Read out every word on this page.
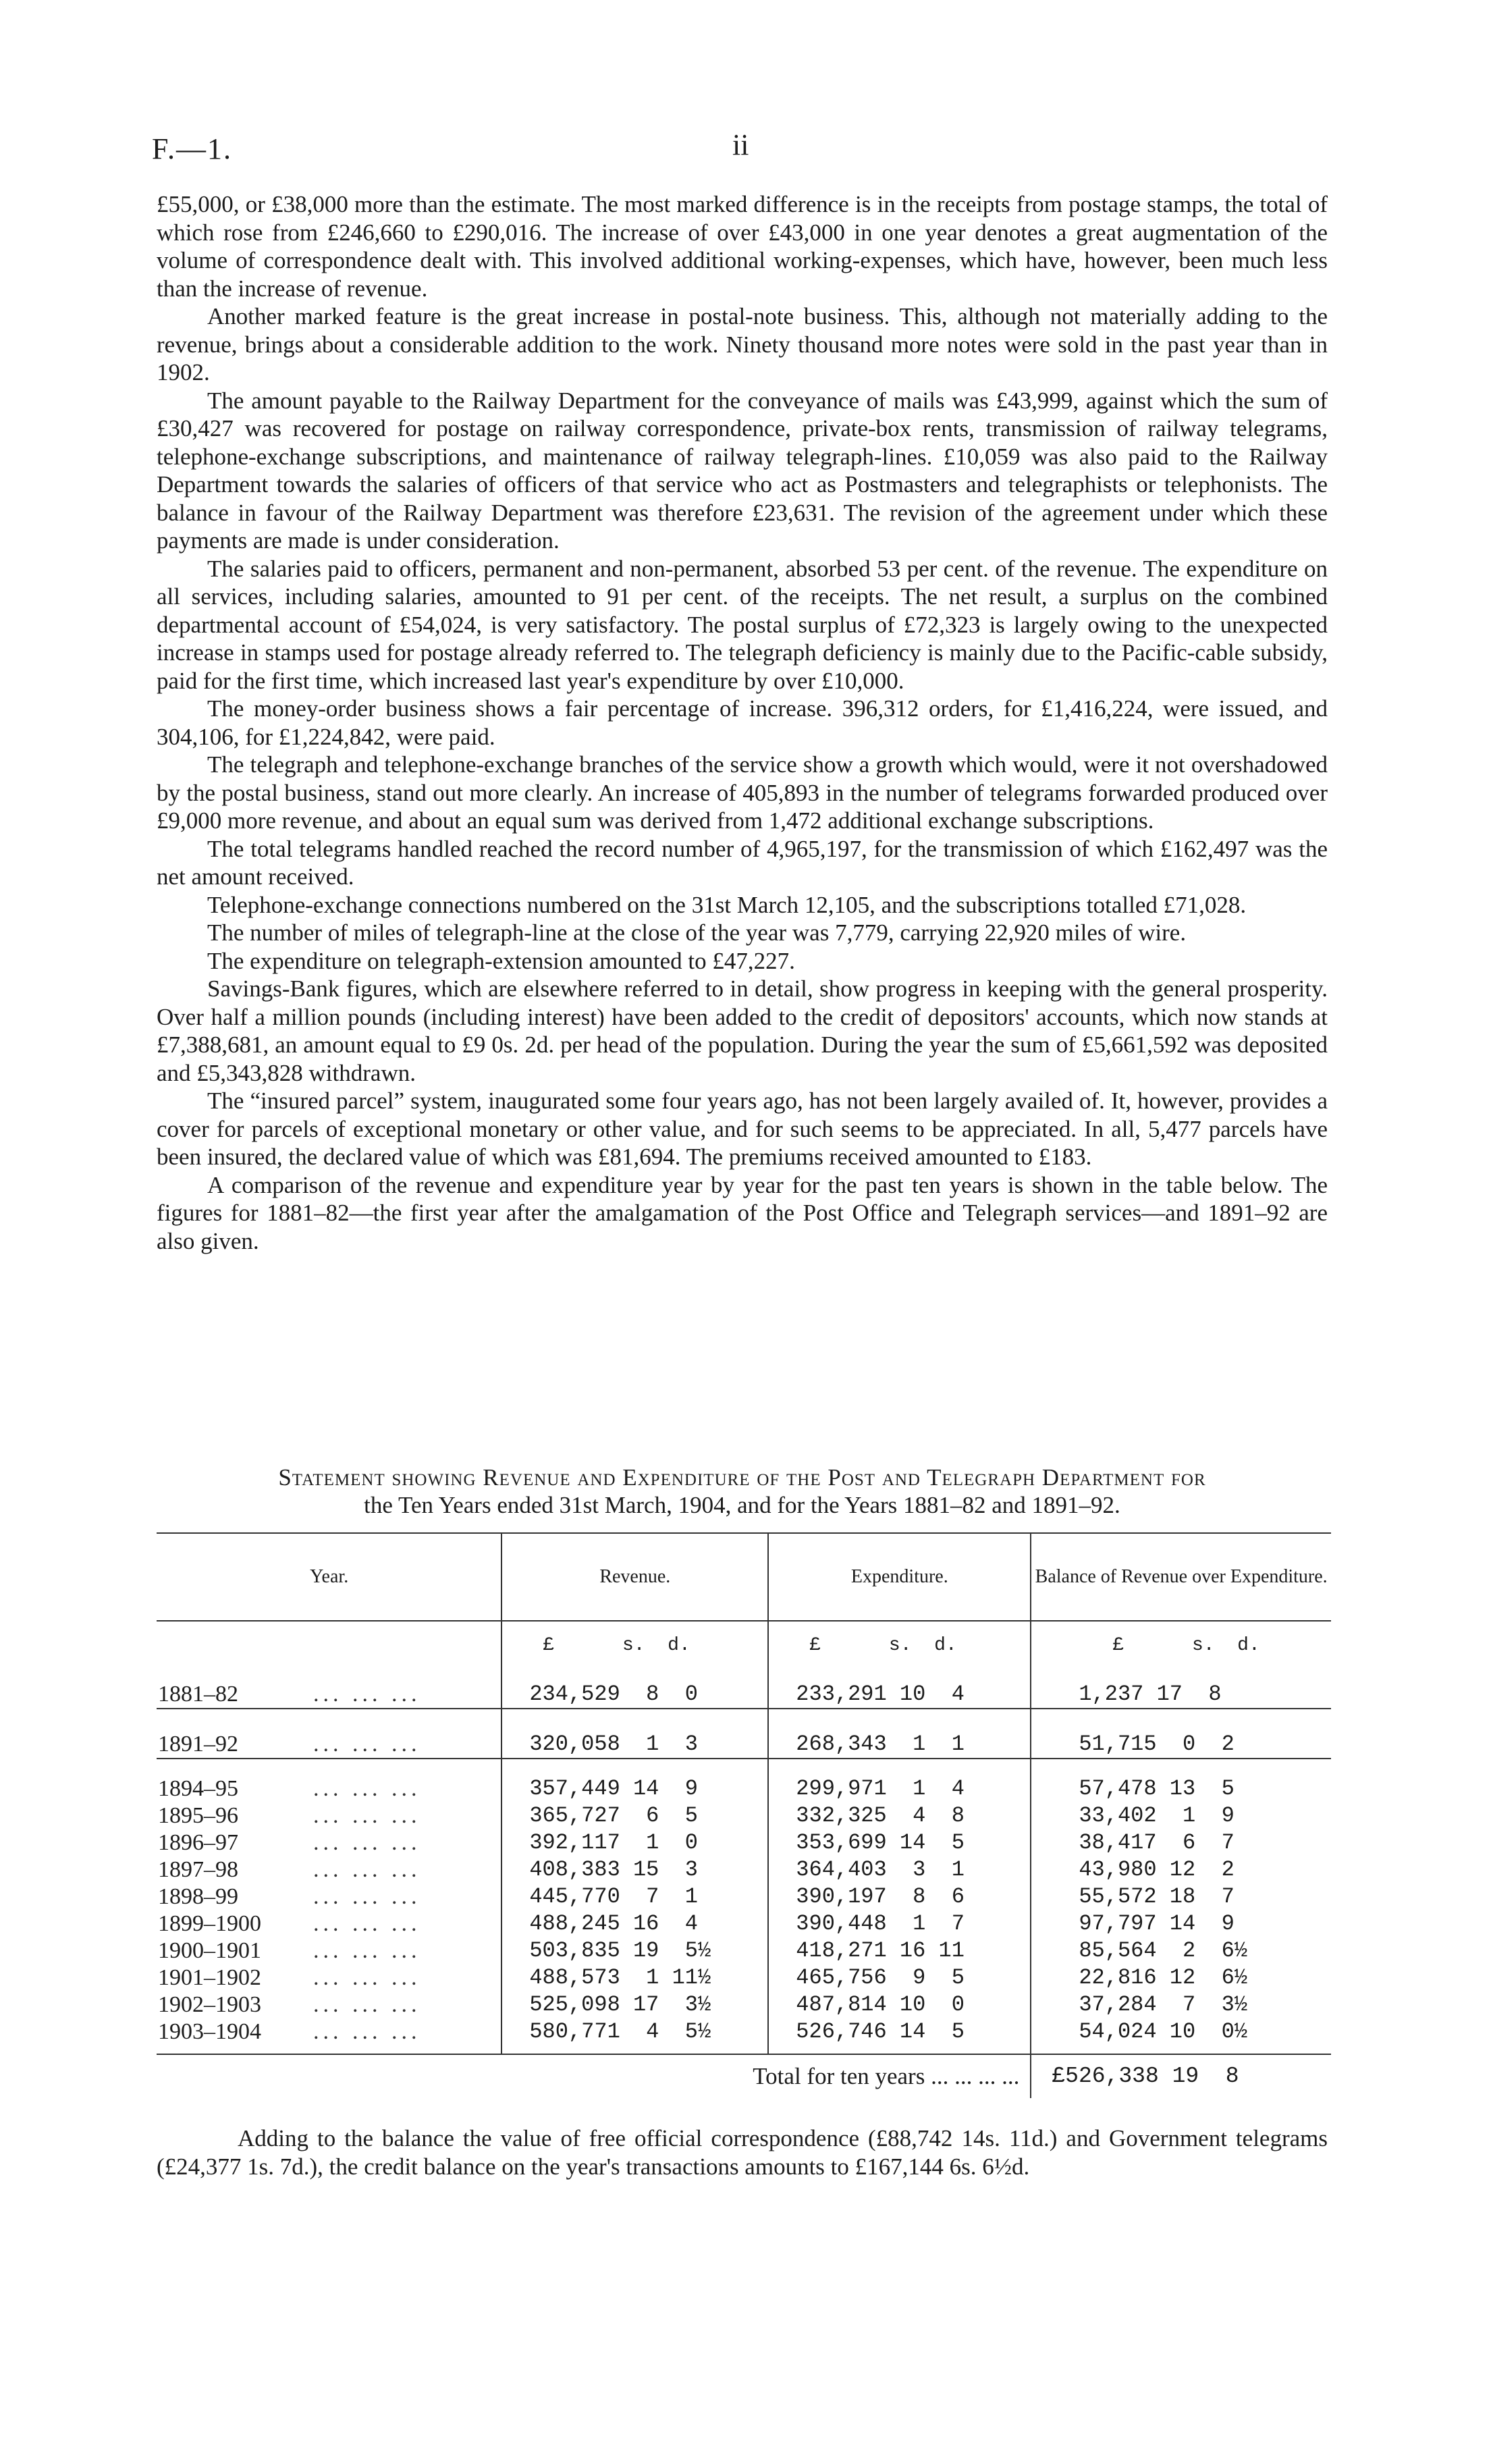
F.—1.	ii

£55,000, or £38,000 more than the estimate. The most marked difference is in the receipts from postage stamps, the total of which rose from £246,660 to £290,016. The increase of over £43,000 in one year denotes a great augmentation of the volume of correspondence dealt with. This involved additional working-expenses, which have, however, been much less than the increase of revenue.

Another marked feature is the great increase in postal-note business. This, although not materially adding to the revenue, brings about a considerable addition to the work. Ninety thousand more notes were sold in the past year than in 1902.

The amount payable to the Railway Department for the conveyance of mails was £43,999, against which the sum of £30,427 was recovered for postage on railway correspondence, private-box rents, transmission of railway telegrams, telephone-exchange subscriptions, and maintenance of railway telegraph-lines. £10,059 was also paid to the Railway Department towards the salaries of officers of that service who act as Postmasters and telegraphists or telephonists. The balance in favour of the Railway Department was therefore £23,631. The revision of the agreement under which these payments are made is under consideration.

The salaries paid to officers, permanent and non-permanent, absorbed 53 per cent. of the revenue. The expenditure on all services, including salaries, amounted to 91 per cent. of the receipts. The net result, a surplus on the combined departmental account of £54,024, is very satisfactory. The postal surplus of £72,323 is largely owing to the unexpected increase in stamps used for postage already referred to. The telegraph deficiency is mainly due to the Pacific-cable subsidy, paid for the first time, which increased last year's expenditure by over £10,000.

The money-order business shows a fair percentage of increase. 396,312 orders, for £1,416,224, were issued, and 304,106, for £1,224,842, were paid.

The telegraph and telephone-exchange branches of the service show a growth which would, were it not overshadowed by the postal business, stand out more clearly. An increase of 405,893 in the number of telegrams forwarded produced over £9,000 more revenue, and about an equal sum was derived from 1,472 additional exchange subscriptions.

The total telegrams handled reached the record number of 4,965,197, for the transmission of which £162,497 was the net amount received.

Telephone-exchange connections numbered on the 31st March 12,105, and the subscriptions totalled £71,028.

The number of miles of telegraph-line at the close of the year was 7,779, carrying 22,920 miles of wire.

The expenditure on telegraph-extension amounted to £47,227.

Savings-Bank figures, which are elsewhere referred to in detail, show progress in keeping with the general prosperity. Over half a million pounds (including interest) have been added to the credit of depositors' accounts, which now stands at £7,388,681, an amount equal to £9 0s. 2d. per head of the population. During the year the sum of £5,661,592 was deposited and £5,343,828 withdrawn.

The “insured parcel” system, inaugurated some four years ago, has not been largely availed of. It, however, provides a cover for parcels of exceptional monetary or other value, and for such seems to be appreciated. In all, 5,477 parcels have been insured, the declared value of which was £81,694. The premiums received amounted to £183.

A comparison of the revenue and expenditure year by year for the past ten years is shown in the table below. The figures for 1881–82—the first year after the amalgamation of the Post Office and Telegraph services—and 1891–92 are also given.

Statement showing Revenue and Expenditure of the Post and Telegraph Department for
the Ten Years ended 31st March, 1904, and for the Years 1881–82 and 1891–92.
Year.	Revenue.	Expenditure.	Balance of Revenue over Expenditure.
	£      s.  d.	£      s.  d.	£      s.  d.
1881–82 ... ... ...	234,529  8  0	233,291 10  4	1,237 17  8
1891–92 ... ... ...	320,058  1  3	268,343  1  1	51,715  0  2

1894–95 ... ... ...	357,449 14  9	299,971  1  4	57,478 13  5
1895–96 ... ... ...	365,727  6  5	332,325  4  8	33,402  1  9
1896–97 ... ... ...	392,117  1  0	353,699 14  5	38,417  6  7
1897–98 ... ... ...	408,383 15  3	364,403  3  1	43,980 12  2
1898–99 ... ... ...	445,770  7  1	390,197  8  6	55,572 18  7
1899–1900 ... ... ...	488,245 16  4	390,448  1  7	97,797 14  9
1900–1901 ... ... ...	503,835 19  5½	418,271 16 11	85,564  2  6½
1901–1902 ... ... ...	488,573  1 11½	465,756  9  5	22,816 12  6½
1902–1903 ... ... ...	525,098 17  3½	487,814 10  0	37,284  7  3½
1903–1904 ... ... ...	580,771  4  5½	526,746 14  5	54,024 10  0½
Total for ten years ... ... ... ...			£526,338 19  8

Adding to the balance the value of free official correspondence (£88,742 14s. 11d.) and Government telegrams (£24,377 1s. 7d.), the credit balance on the year's transactions amounts to £167,144 6s. 6½d.
